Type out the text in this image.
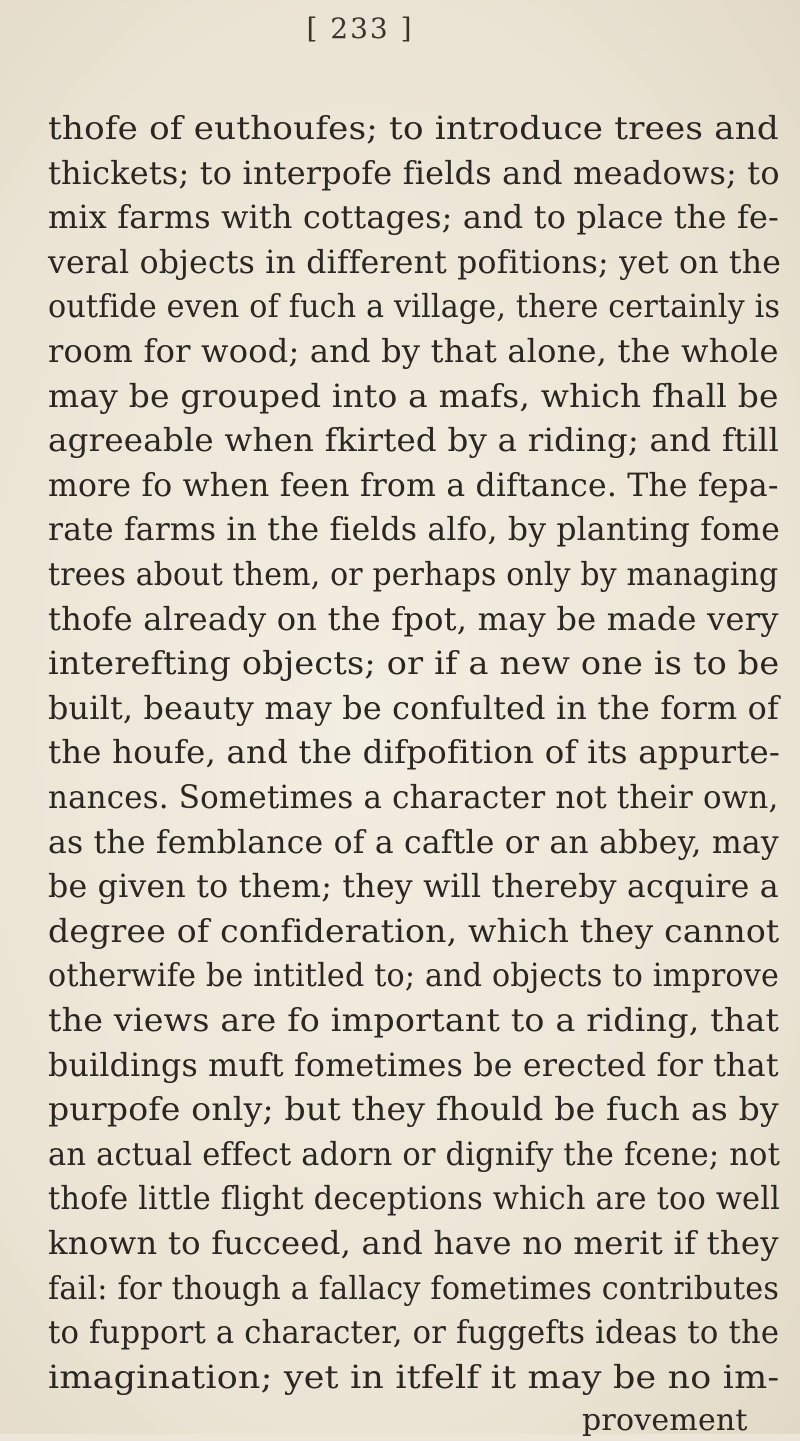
[ 233 ]
thofe of euthoufes; to introduce trees and
thickets; to interpofe fields and meadows; to
mix farms with cottages; and to place the fe-
veral objects in different pofitions; yet on the
outfide even of fuch a village, there certainly is
room for wood; and by that alone, the whole
may be grouped into a mafs, which fhall be
agreeable when fkirted by a riding; and ftill
more fo when feen from a diftance. The fepa-
rate farms in the fields alfo, by planting fome
trees about them, or perhaps only by managing
thofe already on the fpot, may be made very
interefting objects; or if a new one is to be
built, beauty may be confulted in the form of
the houfe, and the difpofition of its appurte-
nances. Sometimes a character not their own,
as the femblance of a caftle or an abbey, may
be given to them; they will thereby acquire a
degree of confideration, which they cannot
otherwife be intitled to; and objects to improve
the views are fo important to a riding, that
buildings muft fometimes be erected for that
purpofe only; but they fhould be fuch as by
an actual effect adorn or dignify the fcene; not
thofe little flight deceptions which are too well
known to fucceed, and have no merit if they
fail: for though a fallacy fometimes contributes
to fupport a character, or fuggefts ideas to the
imagination; yet in itfelf it may be no im-
provement
